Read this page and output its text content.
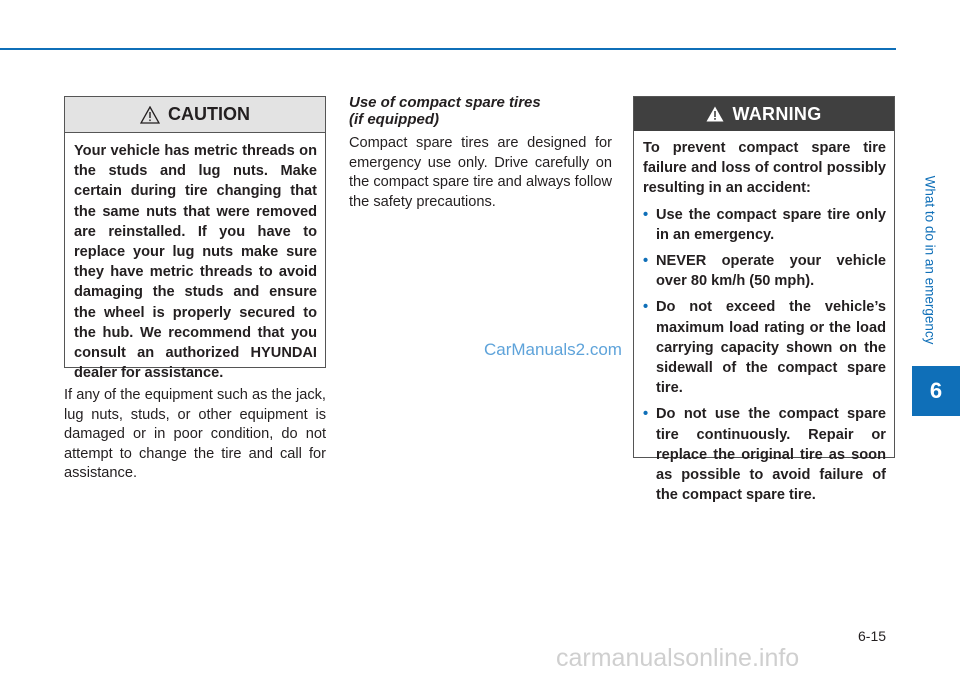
CAUTION
Your vehicle has metric threads on the studs and lug nuts. Make certain during tire changing that the same nuts that were removed are reinstalled. If you have to replace your lug nuts make sure they have metric threads to avoid damaging the studs and ensure the wheel is properly secured to the hub. We recommend that you consult an authorized HYUNDAI dealer for assistance.

If any of the equipment such as the jack, lug nuts, studs, or other equipment is damaged or in poor condition, do not attempt to change the tire and call for assistance.

Use of compact spare tires
(if equipped)

Compact spare tires are designed for emergency use only. Drive carefully on the compact spare tire and always follow the safety precautions.

CarManuals2.com
WARNING
To prevent compact spare tire failure and loss of control possibly resulting in an accident:
• Use the compact spare tire only in an emergency.
• NEVER operate your vehicle over 80 km/h (50 mph).
• Do not exceed the vehicle’s maximum load rating or the load carrying capacity shown on the sidewall of the compact spare tire.
• Do not use the compact spare tire continuously. Repair or replace the original tire as soon as possible to avoid failure of the compact spare tire.
What to do in an emergency
6
6-15
carmanualsonline.info
